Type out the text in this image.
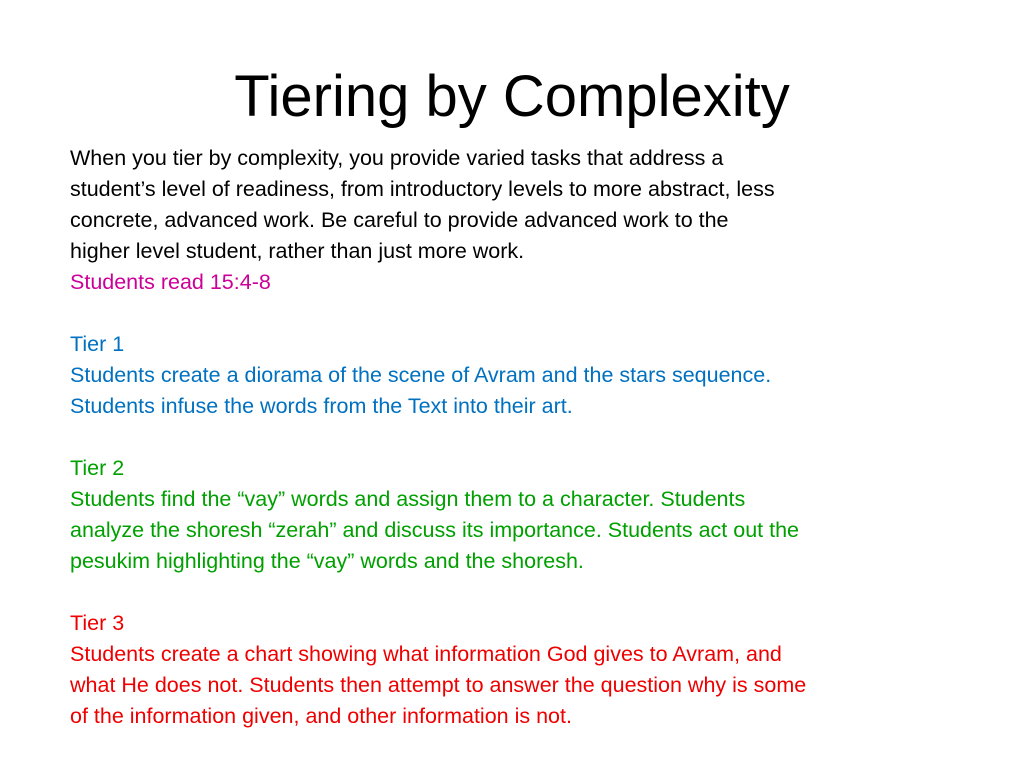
Tiering by Complexity
When you tier by complexity, you provide varied tasks that address a
student’s level of readiness, from introductory levels to more abstract, less
concrete, advanced work. Be careful to provide advanced work to the
higher level student, rather than just more work.
Students read 15:4-8
Tier 1
Students create a diorama of the scene of Avram and the stars sequence.
Students infuse the words from the Text into their art.
Tier 2
Students find the “vay” words and assign them to a character. Students
analyze the shoresh “zerah” and discuss its importance. Students act out the
pesukim highlighting the “vay” words and the shoresh.
Tier 3
Students create a chart showing what information God gives to Avram, and
what He does not. Students then attempt to answer the question why is some
of the information given, and other information is not.
